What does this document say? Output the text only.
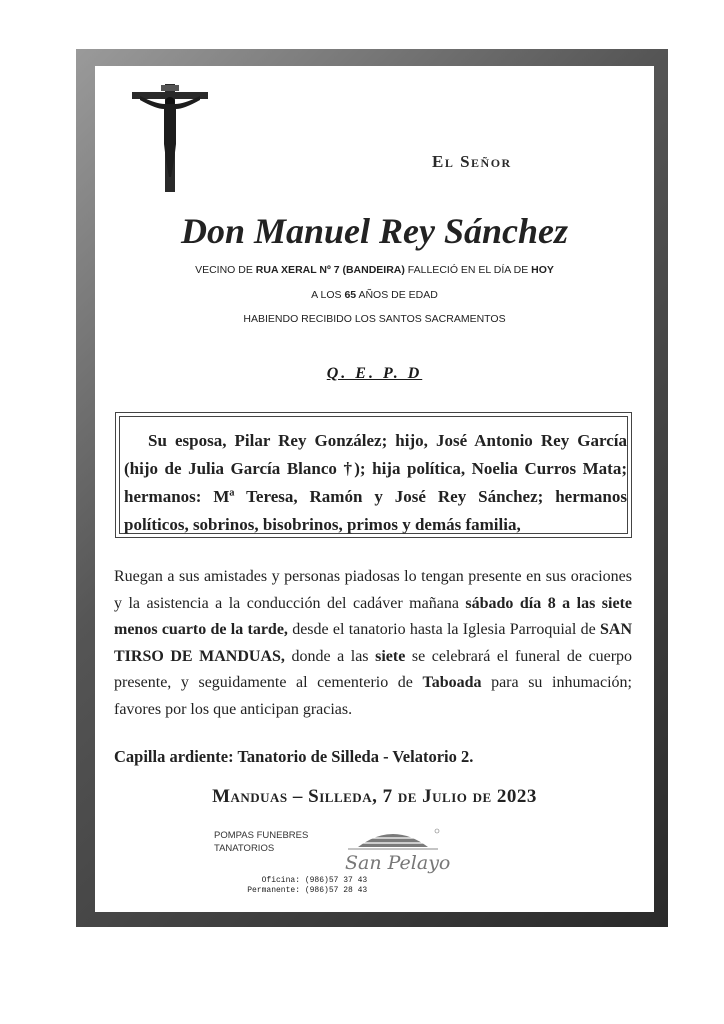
El Señor
Don Manuel Rey Sánchez
VECINO DE RUA XERAL Nº 7 (BANDEIRA) FALLECIÓ EN EL DÍA DE HOY
A LOS 65 AÑOS DE EDAD
HABIENDO RECIBIDO LOS SANTOS SACRAMENTOS
Q. E. P. D
Su esposa, Pilar Rey González; hijo, José Antonio Rey García (hijo de Julia García Blanco †); hija política, Noelia Curros Mata; hermanos: Mª Teresa, Ramón y José Rey Sánchez; hermanos políticos, sobrinos, bisobrinos, primos y demás familia,
Ruegan a sus amistades y personas piadosas lo tengan presente en sus oraciones y la asistencia a la conducción del cadáver mañana sábado día 8 a las siete menos cuarto de la tarde, desde el tanatorio hasta la Iglesia Parroquial de SAN TIRSO DE MANDUAS, donde a las siete se celebrará el funeral de cuerpo presente, y seguidamente al cementerio de Taboada para su inhumación; favores por los que anticipan gracias.
Capilla ardiente: Tanatorio de Silleda - Velatorio 2.
Manduas – Silleda, 7 de Julio de 2023
POMPAS FUNEBRES
TANATORIOS
San Pelayo
Oficina: (986)57 37 43
Permanente: (986)57 28 43
